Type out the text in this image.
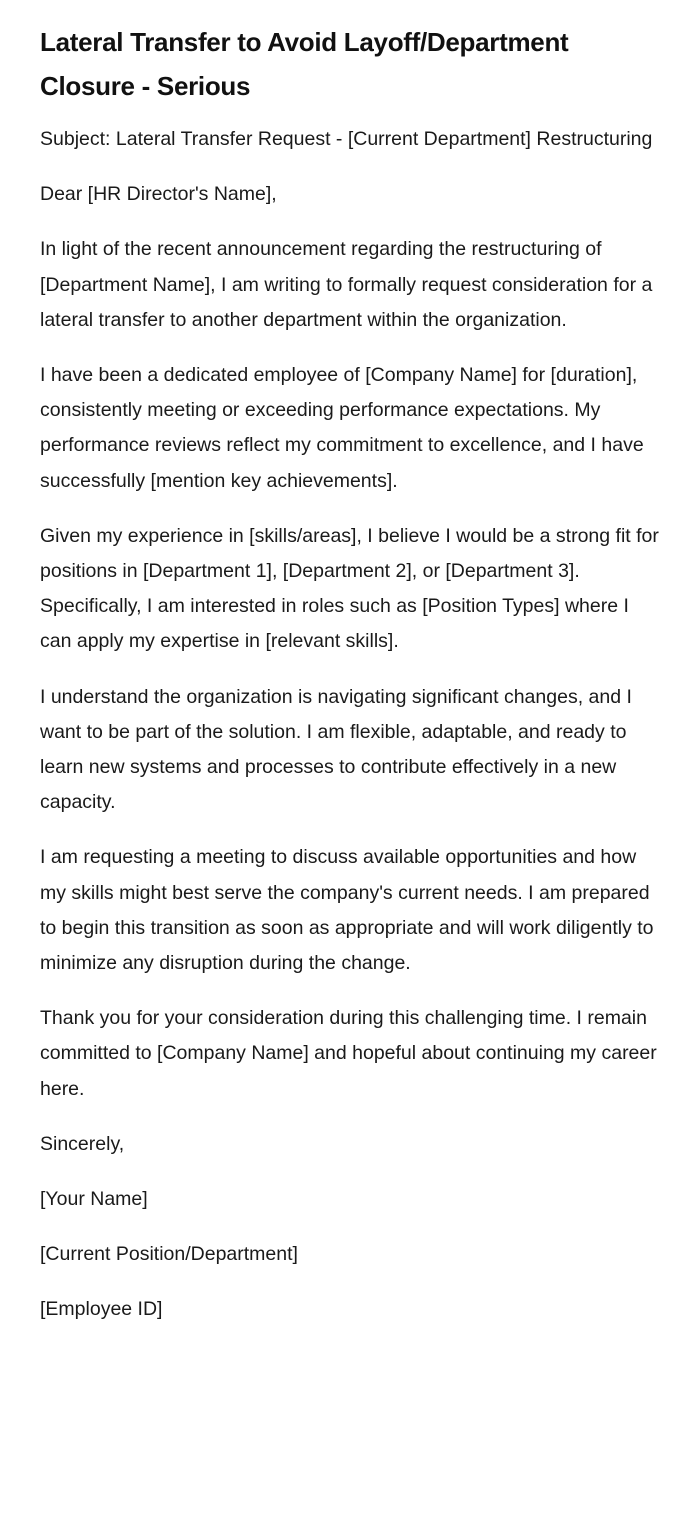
Lateral Transfer to Avoid Layoff/Department Closure - Serious

Subject: Lateral Transfer Request - [Current Department] Restructuring

Dear [HR Director's Name],

In light of the recent announcement regarding the restructuring of [Department Name], I am writing to formally request consideration for a lateral transfer to another department within the organization.

I have been a dedicated employee of [Company Name] for [duration], consistently meeting or exceeding performance expectations. My performance reviews reflect my commitment to excellence, and I have successfully [mention key achievements].

Given my experience in [skills/areas], I believe I would be a strong fit for positions in [Department 1], [Department 2], or [Department 3]. Specifically, I am interested in roles such as [Position Types] where I can apply my expertise in [relevant skills].

I understand the organization is navigating significant changes, and I want to be part of the solution. I am flexible, adaptable, and ready to learn new systems and processes to contribute effectively in a new capacity.

I am requesting a meeting to discuss available opportunities and how my skills might best serve the company's current needs. I am prepared to begin this transition as soon as appropriate and will work diligently to minimize any disruption during the change.

Thank you for your consideration during this challenging time. I remain committed to [Company Name] and hopeful about continuing my career here.

Sincerely,

[Your Name]

[Current Position/Department]

[Employee ID]
